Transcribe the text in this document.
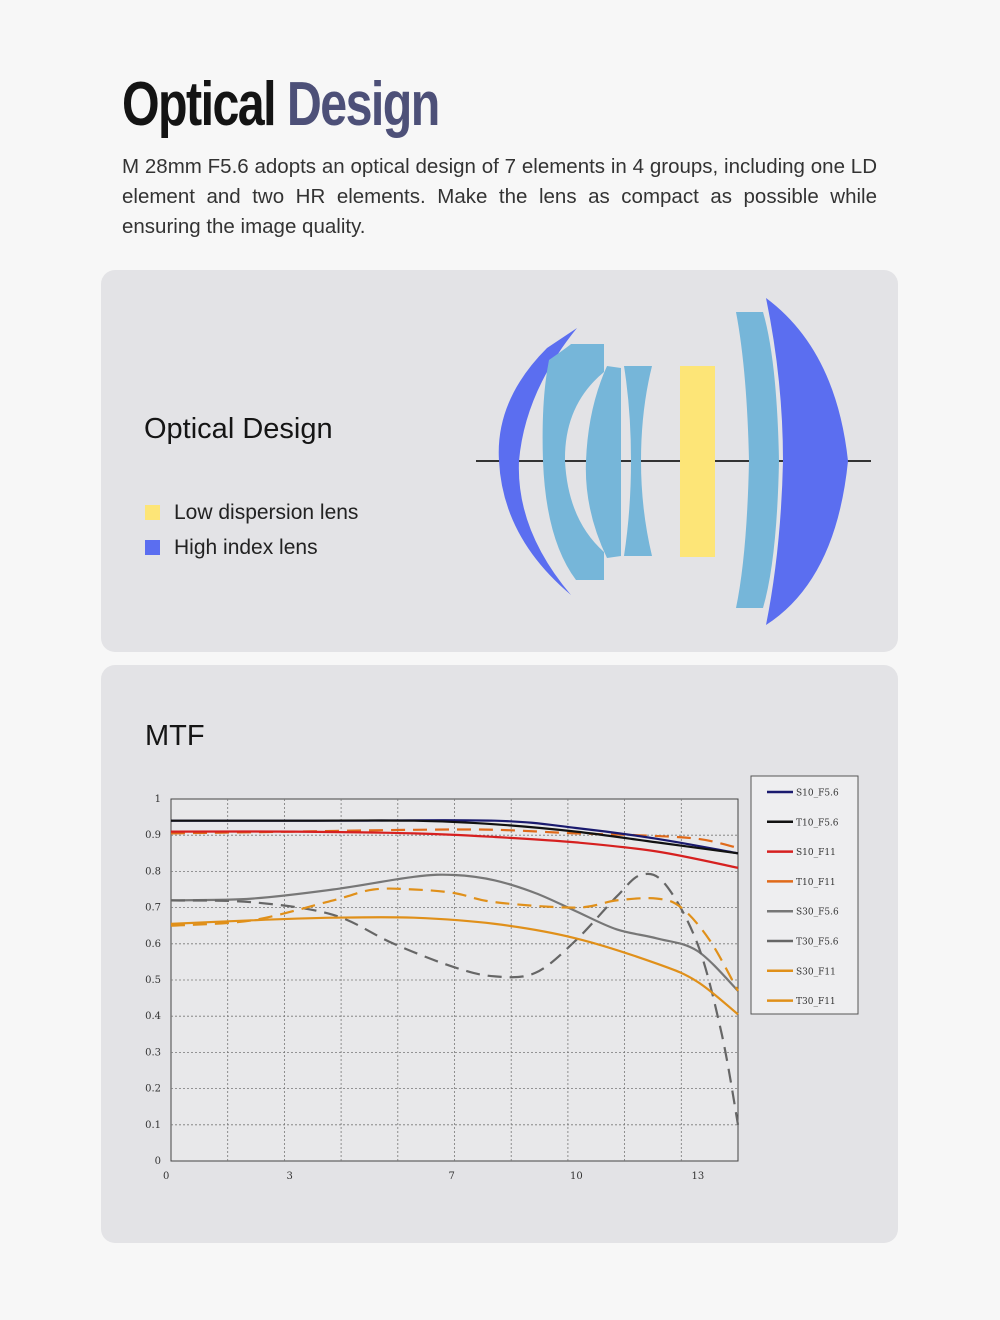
Optical Design

M 28mm F5.6 adopts an optical design of 7 elements in 4 groups, including one LD element and two HR elements. Make the lens as compact as possible while ensuring the image quality.

Optical Design
Low dispersion lens
High index lens
MTF
0
0.1
0.2
0.3
0.4
0.5
0.6
0.7
0.8
0.9
1
0	3	7	10	13
S10_F5.6
T10_F5.6
S10_F11
T10_F11
S30_F5.6
T30_F5.6
S30_F11
T30_F11
